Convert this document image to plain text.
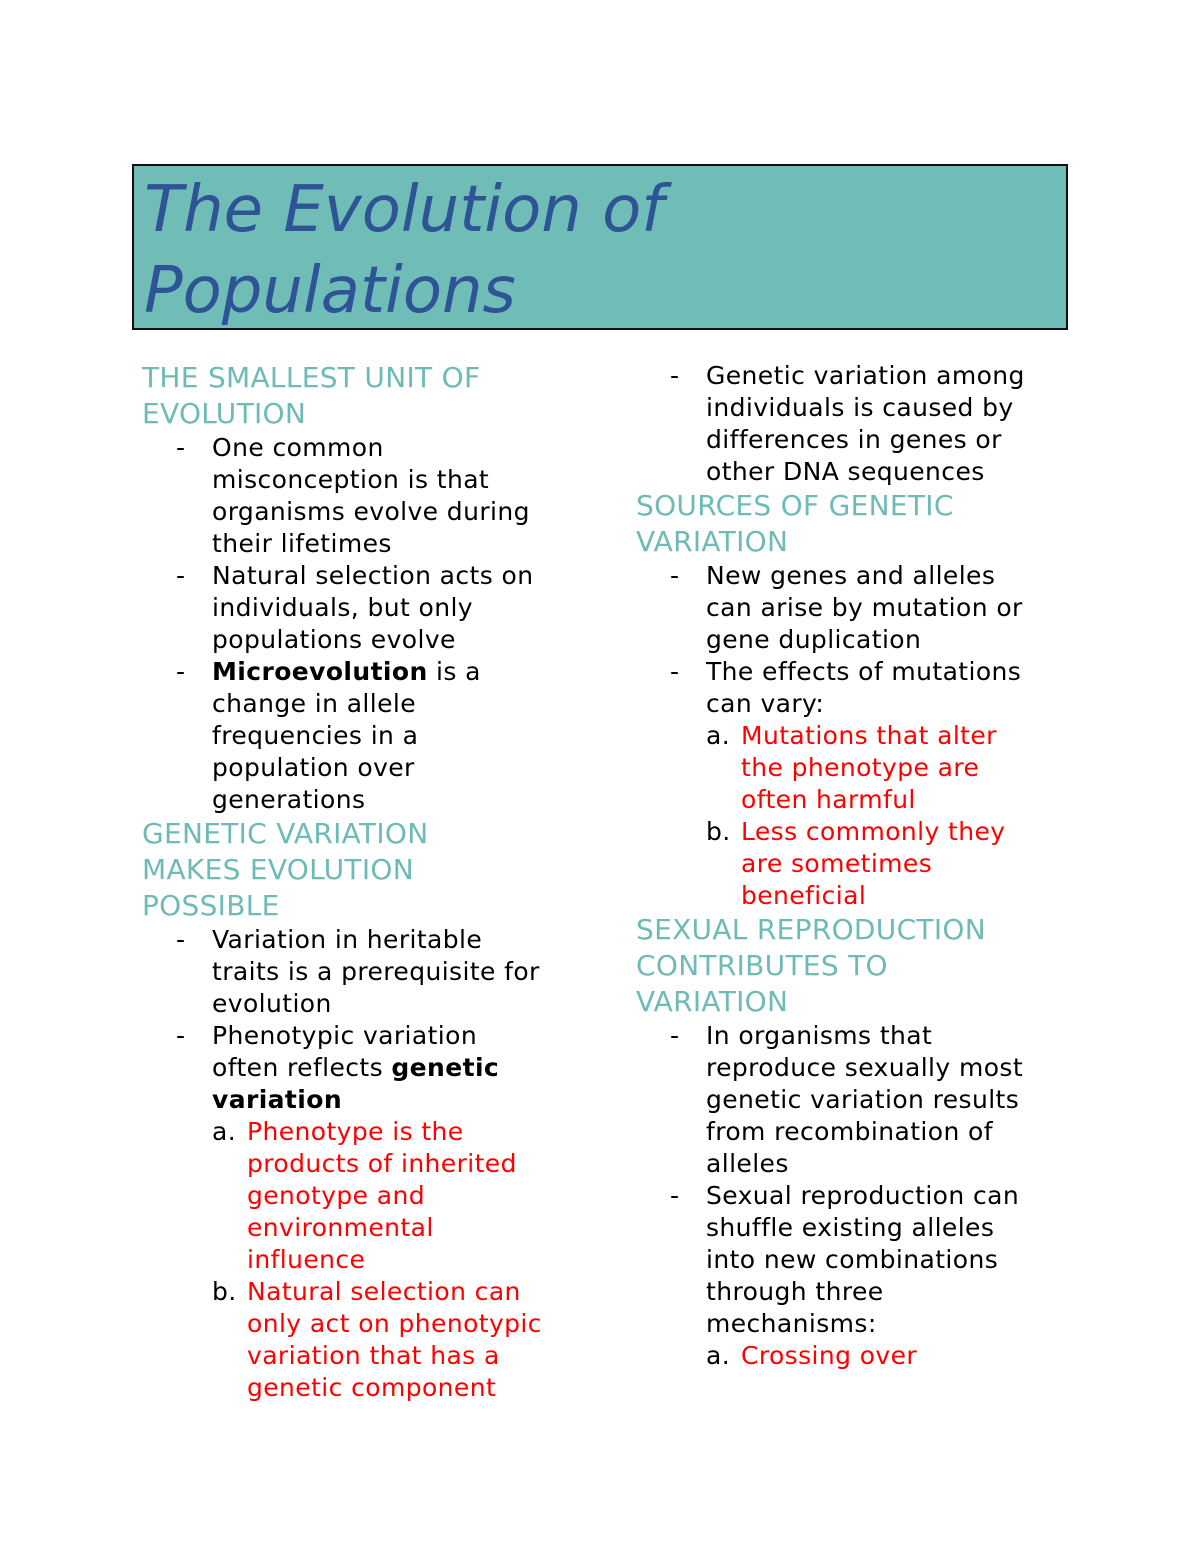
The Evolution of
Populations
THE SMALLEST UNIT OF
EVOLUTION
- One common
misconception is that
organisms evolve during
their lifetimes
- Natural selection acts on
individuals, but only
populations evolve
- Microevolution is a
change in allele
frequencies in a
population over
generations
GENETIC VARIATION
MAKES EVOLUTION
POSSIBLE
- Variation in heritable
traits is a prerequisite for
evolution
- Phenotypic variation
often reflects genetic
variation
a. Phenotype is the
products of inherited
genotype and
environmental
influence
b. Natural selection can
only act on phenotypic
variation that has a
genetic component
- Genetic variation among
individuals is caused by
differences in genes or
other DNA sequences
SOURCES OF GENETIC
VARIATION
- New genes and alleles
can arise by mutation or
gene duplication
- The effects of mutations
can vary:
a. Mutations that alter
the phenotype are
often harmful
b. Less commonly they
are sometimes
beneficial
SEXUAL REPRODUCTION
CONTRIBUTES TO
VARIATION
- In organisms that
reproduce sexually most
genetic variation results
from recombination of
alleles
- Sexual reproduction can
shuffle existing alleles
into new combinations
through three
mechanisms:
a. Crossing over
